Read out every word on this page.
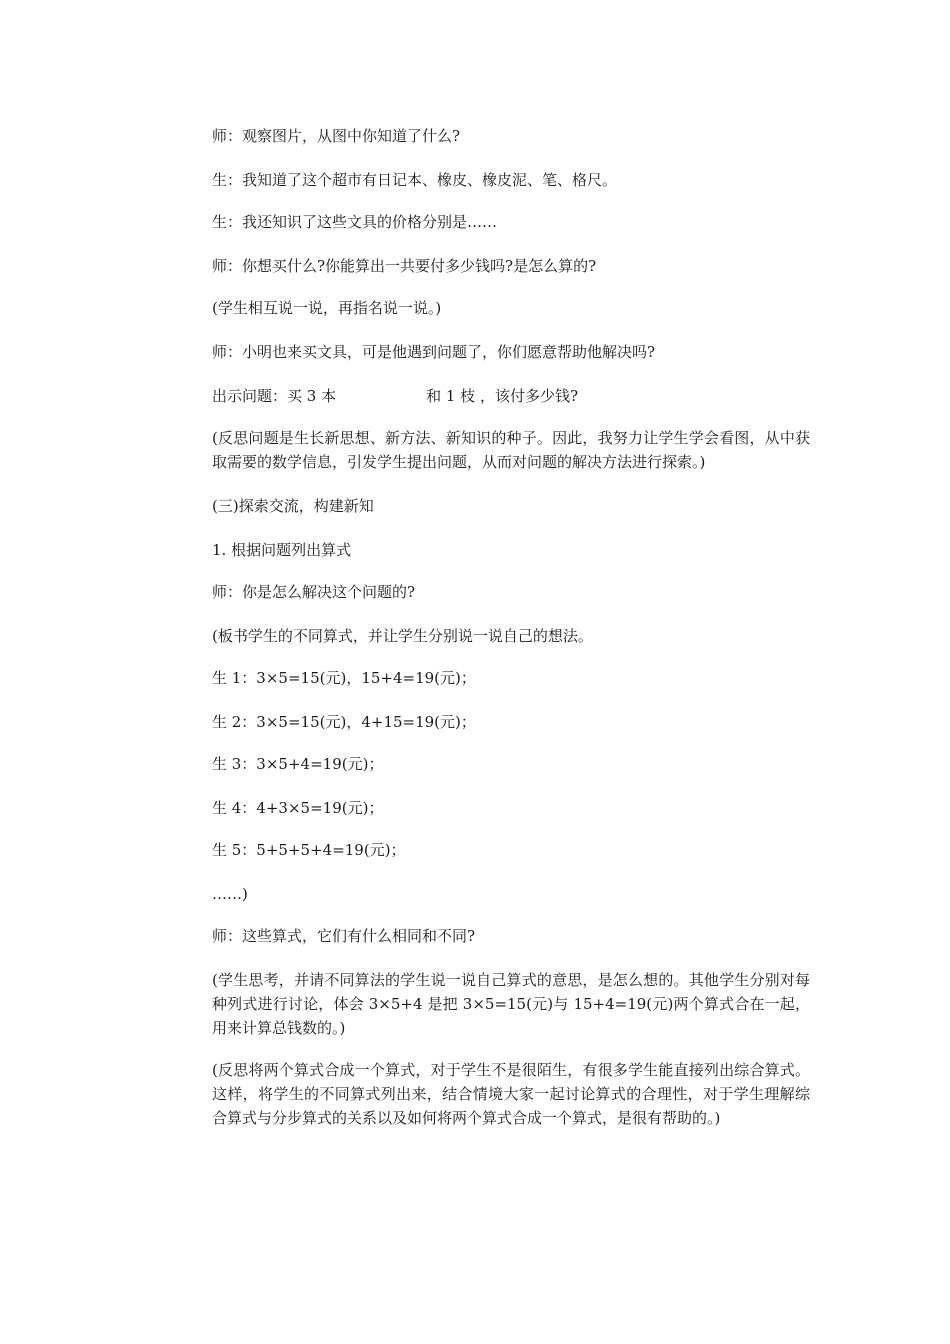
师：观察图片，从图中你知道了什么?
生：我知道了这个超市有日记本、橡皮、橡皮泥、笔、格尺。
生：我还知识了这些文具的价格分别是……
师：你想买什么?你能算出一共要付多少钱吗?是怎么算的?
(学生相互说一说，再指名说一说。)
师：小明也来买文具，可是他遇到问题了，你们愿意帮助他解决吗?
出示问题：买 3 本	和 1 枝 ，该付多少钱?
(反思问题是生长新思想、新方法、新知识的种子。因此，我努力让学生学会看图，从中获取需要的数学信息，引发学生提出问题，从而对问题的解决方法进行探索。)
(三)探索交流，构建新知
1. 根据问题列出算式
师：你是怎么解决这个问题的?
(板书学生的不同算式，并让学生分别说一说自己的想法。
生 1：3×5=15(元)，15+4=19(元)；
生 2：3×5=15(元)，4+15=19(元)；
生 3：3×5+4=19(元)；
生 4：4+3×5=19(元)；
生 5：5+5+5+4=19(元)；
……)
师：这些算式，它们有什么相同和不同?
(学生思考，并请不同算法的学生说一说自己算式的意思，是怎么想的。其他学生分别对每种列式进行讨论，体会 3×5+4 是把 3×5=15(元)与 15+4=19(元)两个算式合在一起，用来计算总钱数的。)
(反思将两个算式合成一个算式，对于学生不是很陌生，有很多学生能直接列出综合算式。这样，将学生的不同算式列出来，结合情境大家一起讨论算式的合理性，对于学生理解综合算式与分步算式的关系以及如何将两个算式合成一个算式，是很有帮助的。)
